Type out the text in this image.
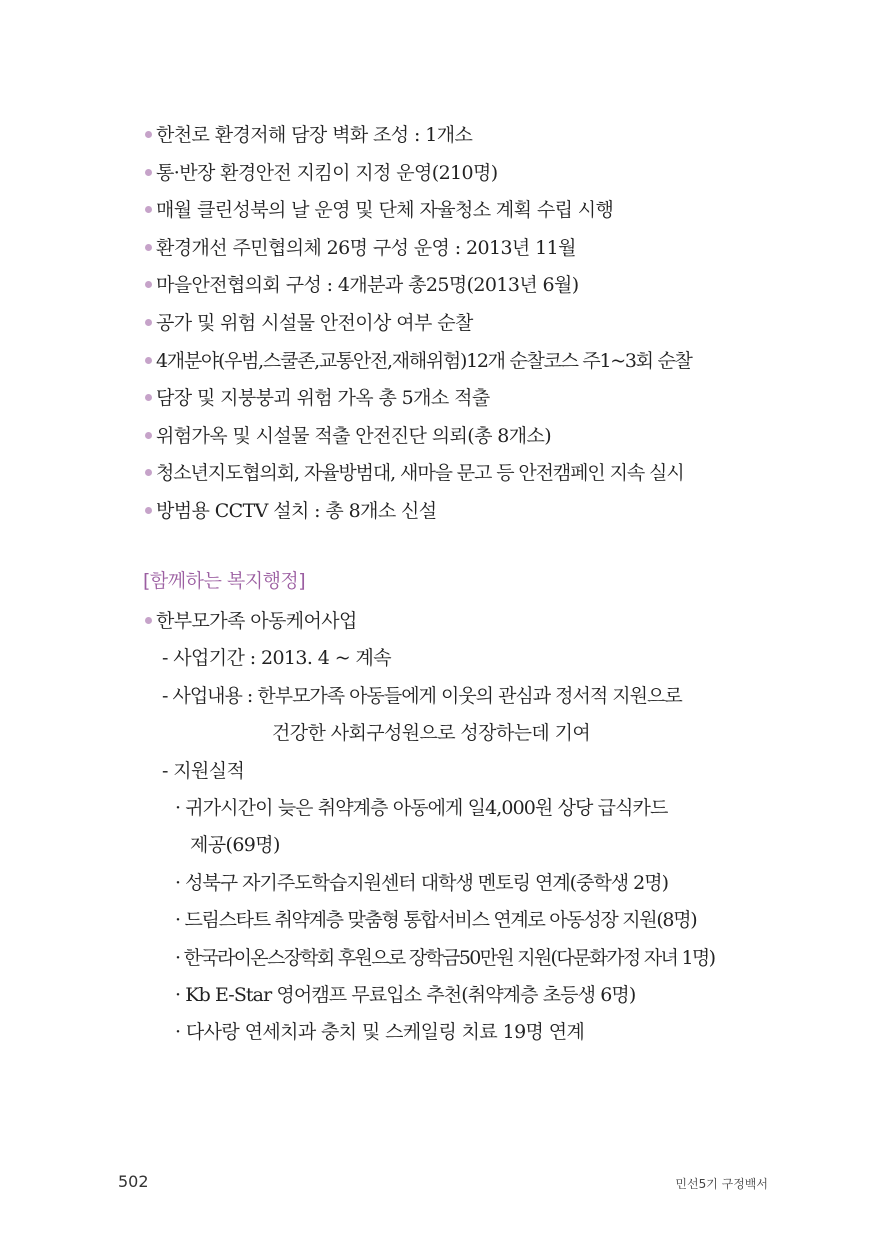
한천로 환경저해 담장 벽화 조성 : 1개소
통·반장 환경안전 지킴이 지정 운영(210명)
매월 클린성북의 날 운영 및 단체 자율청소 계획 수립 시행
환경개선 주민협의체 26명 구성 운영 : 2013년 11월
마을안전협의회 구성 : 4개분과 총25명(2013년 6월)
공가 및 위험 시설물 안전이상 여부 순찰
4개분야(우범,스쿨존,교통안전,재해위험)12개 순찰코스 주1~3회 순찰
담장 및 지붕붕괴 위험 가옥 총 5개소 적출
위험가옥 및 시설물 적출 안전진단 의뢰(총 8개소)
청소년지도협의회, 자율방범대, 새마을 문고 등 안전캠페인 지속 실시
방범용 CCTV 설치 : 총 8개소 신설
[함께하는 복지행정]
한부모가족 아동케어사업
- 사업기간 : 2013. 4 ~ 계속
- 사업내용 : 한부모가족 아동들에게 이웃의 관심과 정서적 지원으로
건강한 사회구성원으로 성장하는데 기여
- 지원실적
· 귀가시간이 늦은 취약계층 아동에게 일4,000원 상당 급식카드
제공(69명)
· 성북구 자기주도학습지원센터 대학생 멘토링 연계(중학생 2명)
· 드림스타트 취약계층 맞춤형 통합서비스 연계로 아동성장 지원(8명)
· 한국라이온스장학회 후원으로 장학금50만원 지원(다문화가정 자녀 1명)
· Kb E-Star 영어캠프 무료입소 추천(취약계층 초등생 6명)
· 다사랑 연세치과 충치 및 스케일링 치료 19명 연계
502	민선5기 구정백서
